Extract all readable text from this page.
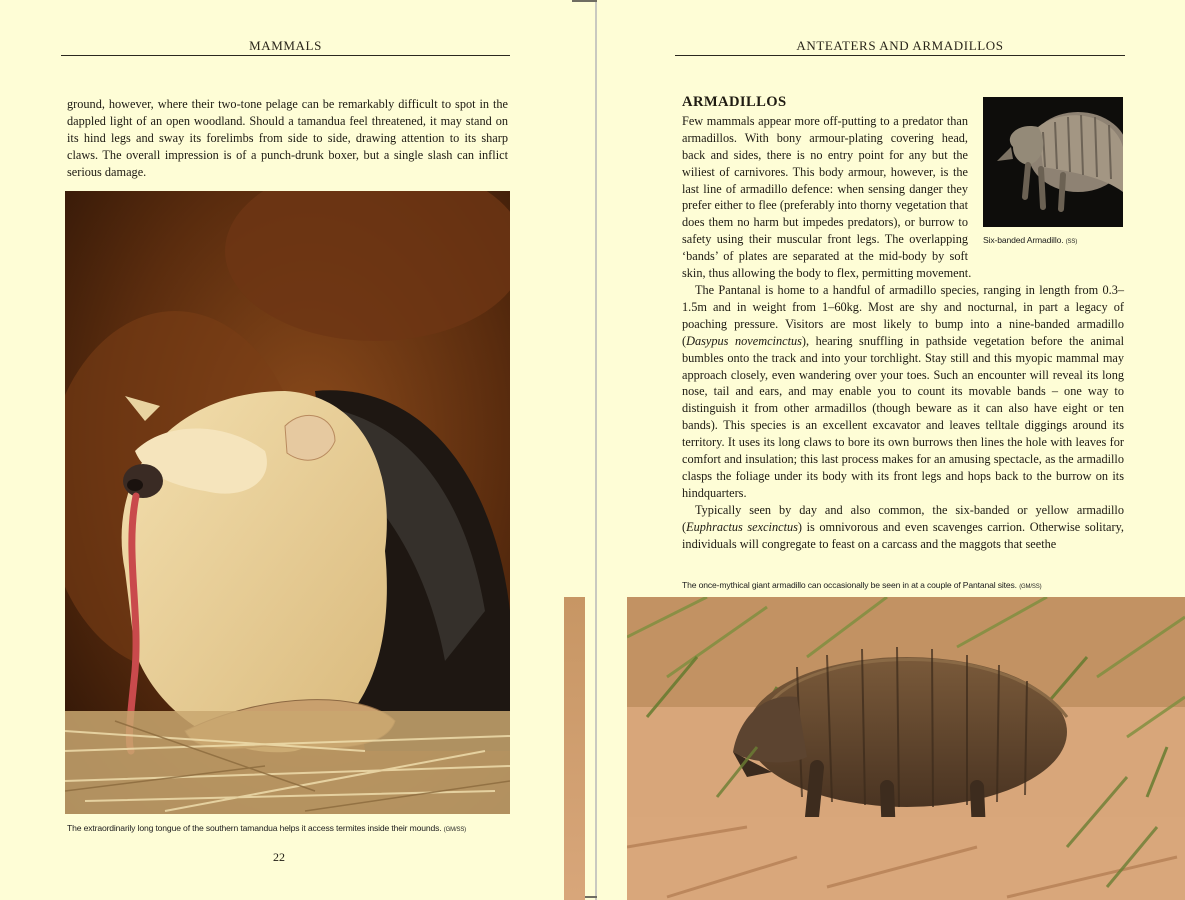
MAMMALS

ground, however, where their two-tone pelage can be remarkably difficult to spot in the dappled light of an open woodland. Should a tamandua feel threatened, it may stand on its hind legs and sway its forelimbs from side to side, drawing attention to its sharp claws. The overall impression is of a punch-drunk boxer, but a single slash can inflict serious damage.

The extraordinarily long tongue of the southern tamandua helps it access termites inside their mounds. (GM/SS)
22
ANTEATERS AND ARMADILLOS
Six-banded Armadillo. (SS)
ARMADILLOS

Few mammals appear more off-putting to a predator than armadillos. With bony armour-plating covering head, back and sides, there is no entry point for any but the wiliest of carnivores. This body armour, however, is the last line of armadillo defence: when sensing danger they prefer either to flee (preferably into thorny vegetation that does them no harm but impedes predators), or burrow to safety using their muscular front legs. The overlapping ‘bands’ of plates are separated at the mid-body by soft skin, thus allowing the body to flex, permitting movement.

The Pantanal is home to a handful of armadillo species, ranging in length from 0.3–1.5m and in weight from 1–60kg. Most are shy and nocturnal, in part a legacy of poaching pressure. Visitors are most likely to bump into a nine-banded armadillo (Dasypus novemcinctus), hearing snuffling in pathside vegetation before the animal bumbles onto the track and into your torchlight. Stay still and this myopic mammal may approach closely, even wandering over your toes. Such an encounter will reveal its long nose, tail and ears, and may enable you to count its movable bands – one way to distinguish it from other armadillos (though beware as it can also have eight or ten bands). This species is an excellent excavator and leaves telltale diggings around its territory. It uses its long claws to bore its own burrows then lines the hole with leaves for comfort and insulation; this last process makes for an amusing spectacle, as the armadillo clasps the foliage under its body with its front legs and hops back to the burrow on its hindquarters.

Typically seen by day and also common, the six-banded or yellow armadillo (Euphractus sexcinctus) is omnivorous and even scavenges carrion. Otherwise solitary, individuals will congregate to feast on a carcass and the maggots that seethe

The once-mythical giant armadillo can occasionally be seen in at a couple of Pantanal sites. (GM/SS)
